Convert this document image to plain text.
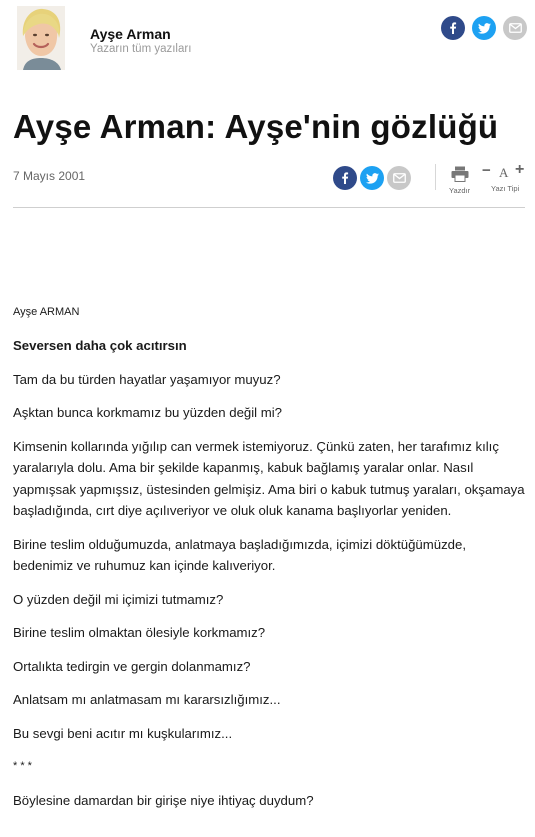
Ayşe Arman
Yazarın tüm yazıları
Ayşe Arman: Ayşe'nin gözlüğü
7 Mayıs 2001
Yazdır
− A +
Yazı Tipi

Ayşe ARMAN

Seversen daha çok acıtırsın

Tam da bu türden hayatlar yaşamıyor muyuz?

Aşktan bunca korkmamız bu yüzden değil mi?

Kimsenin kollarında yığılıp can vermek istemiyoruz. Çünkü zaten, her tarafımız kılıç yaralarıyla dolu. Ama bir şekilde kapanmış, kabuk bağlamış yaralar onlar. Nasıl yapmışsak yapmışsız, üstesinden gelmişiz. Ama biri o kabuk tutmuş yaraları, okşamaya başladığında, cırt diye açılıveriyor ve oluk oluk kanama başlıyorlar yeniden.

Birine teslim olduğumuzda, anlatmaya başladığımızda, içimizi döktüğümüzde, bedenimiz ve ruhumuz kan içinde kalıveriyor.

O yüzden değil mi içimizi tutmamız?

Birine teslim olmaktan ölesiyle korkmamız?

Ortalıkta tedirgin ve gergin dolanmamız?

Anlatsam mı anlatmasam mı kararsızlığımız...

Bu sevgi beni acıtır mı kuşkularımız...

* * *

Böylesine damardan bir girişe niye ihtiyaç duydum?
